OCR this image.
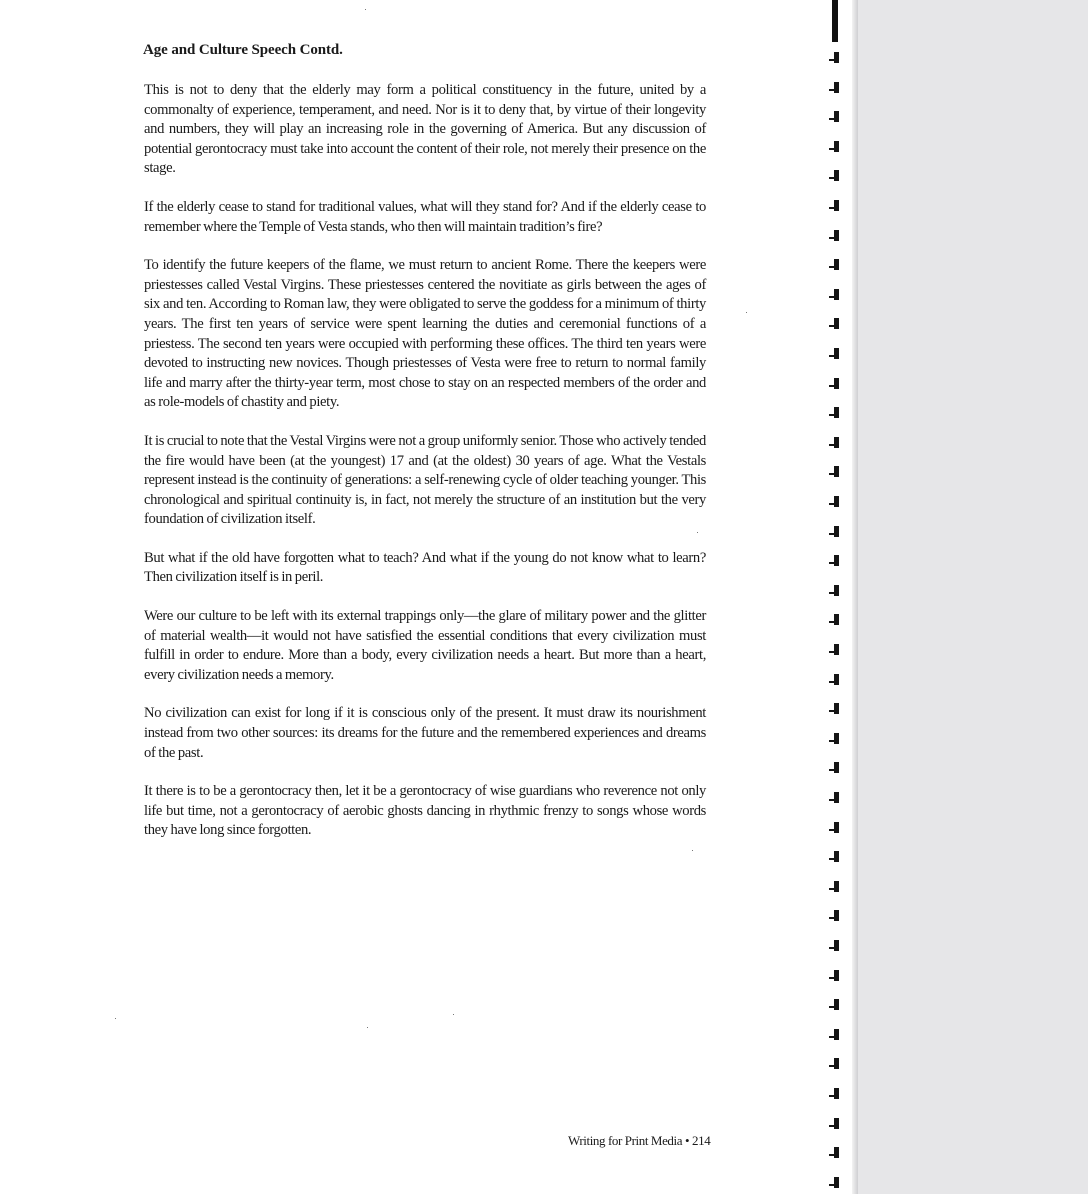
Age and Culture Speech Contd.

This is not to deny that the elderly may form a political constituency in the future, united by a commonalty of experience, temperament, and need. Nor is it to deny that, by virtue of their longevity and numbers, they will play an increasing role in the governing of America. But any discussion of potential gerontocracy must take into account the content of their role, not merely their presence on the stage.

If the elderly cease to stand for traditional values, what will they stand for? And if the elderly cease to remember where the Temple of Vesta stands, who then will maintain tradition’s fire?

To identify the future keepers of the flame, we must return to ancient Rome. There the keepers were priestesses called Vestal Virgins. These priestesses centered the novitiate as girls between the ages of six and ten. According to Roman law, they were obligated to serve the goddess for a minimum of thirty years. The first ten years of service were spent learning the duties and ceremonial functions of a priestess. The second ten years were occupied with performing these offices. The third ten years were devoted to instructing new novices. Though priestesses of Vesta were free to return to normal family life and marry after the thirty-year term, most chose to stay on an respected members of the order and as role-models of chastity and piety.

It is crucial to note that the Vestal Virgins were not a group uniformly senior. Those who actively tended the fire would have been (at the youngest) 17 and (at the oldest) 30 years of age. What the Vestals represent instead is the continuity of generations: a self-renewing cycle of older teaching younger. This chronological and spiritual continuity is, in fact, not merely the structure of an institution but the very foundation of civilization itself.

But what if the old have forgotten what to teach? And what if the young do not know what to learn? Then civilization itself is in peril.

Were our culture to be left with its external trappings only—the glare of military power and the glitter of material wealth—it would not have satisfied the essential conditions that every civilization must fulfill in order to endure. More than a body, every civilization needs a heart. But more than a heart, every civilization needs a memory.

No civilization can exist for long if it is conscious only of the present. It must draw its nourishment instead from two other sources: its dreams for the future and the remembered experiences and dreams of the past.

It there is to be a gerontocracy then, let it be a gerontocracy of wise guardians who reverence not only life but time, not a gerontocracy of aerobic ghosts dancing in rhythmic frenzy to songs whose words they have long since forgotten.

Writing for Print Media • 214
